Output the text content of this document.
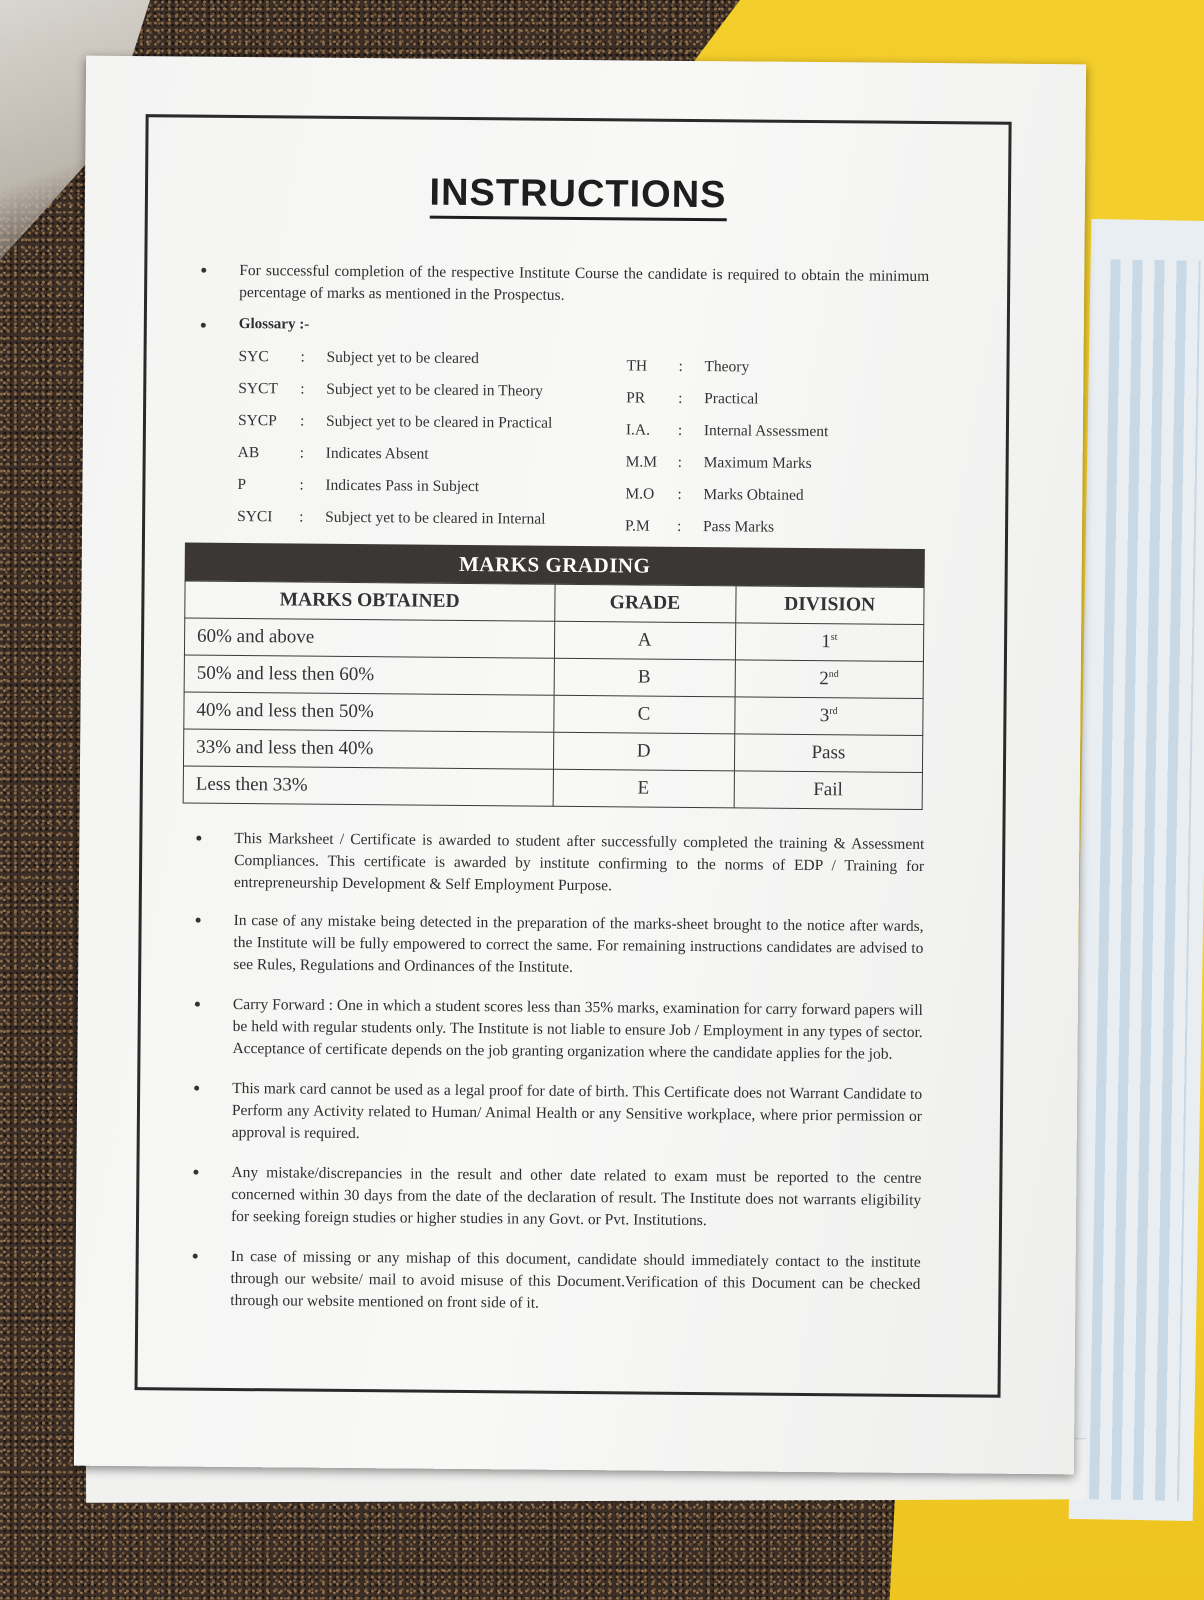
INSTRUCTIONS
For successful completion of the respective Institute Course the candidate is required to obtain the minimum percentage of marks as mentioned in the Prospectus.
Glossary :-
SYC : Subject yet to be cleared
SYCT : Subject yet to be cleared in Theory
SYCP : Subject yet to be cleared in Practical
AB	: Indicates Absent
P	: Indicates Pass in Subject
SYCI : Subject yet to be cleared in Internal
TH : Theory
PR : Practical
I.A. : Internal Assessment
M.M : Maximum Marks
M.O : Marks Obtained
P.M : Pass Marks
MARKS GRADING
MARKS OBTAINED	GRADE	DIVISION
60% and above	A	1st
50% and less then 60%	B	2nd
40% and less then 50%	C	3rd
33% and less then 40%	D	Pass
Less then 33%	E	Fail
This Marksheet / Certificate is awarded to student after successfully completed the training & Assessment Compliances. This certificate is awarded by institute confirming to the norms of EDP / Training for entrepreneurship Development & Self Employment Purpose.
In case of any mistake being detected in the preparation of the marks-sheet brought to the notice after wards, the Institute will be fully empowered to correct the same. For remaining instructions candidates are advised to see Rules, Regulations and Ordinances of the Institute.
Carry Forward : One in which a student scores less than 35% marks, examination for carry forward papers will be held with regular students only. The Institute is not liable to ensure Job / Employment in any types of sector. Acceptance of certificate depends on the job granting organization where the candidate applies for the job.
This mark card cannot be used as a legal proof for date of birth. This Certificate does not Warrant Candidate to Perform any Activity related to Human/ Animal Health or any Sensitive workplace, where prior permission or approval is required.
Any mistake/discrepancies in the result and other date related to exam must be reported to the centre concerned within 30 days from the date of the declaration of result. The Institute does not warrants eligibility for seeking foreign studies or higher studies in any Govt. or Pvt. Institutions.
In case of missing or any mishap of this document, candidate should immediately contact to the institute through our website/ mail to avoid misuse of this Document.Verification of this Document can be checked through our website mentioned on front side of it.
